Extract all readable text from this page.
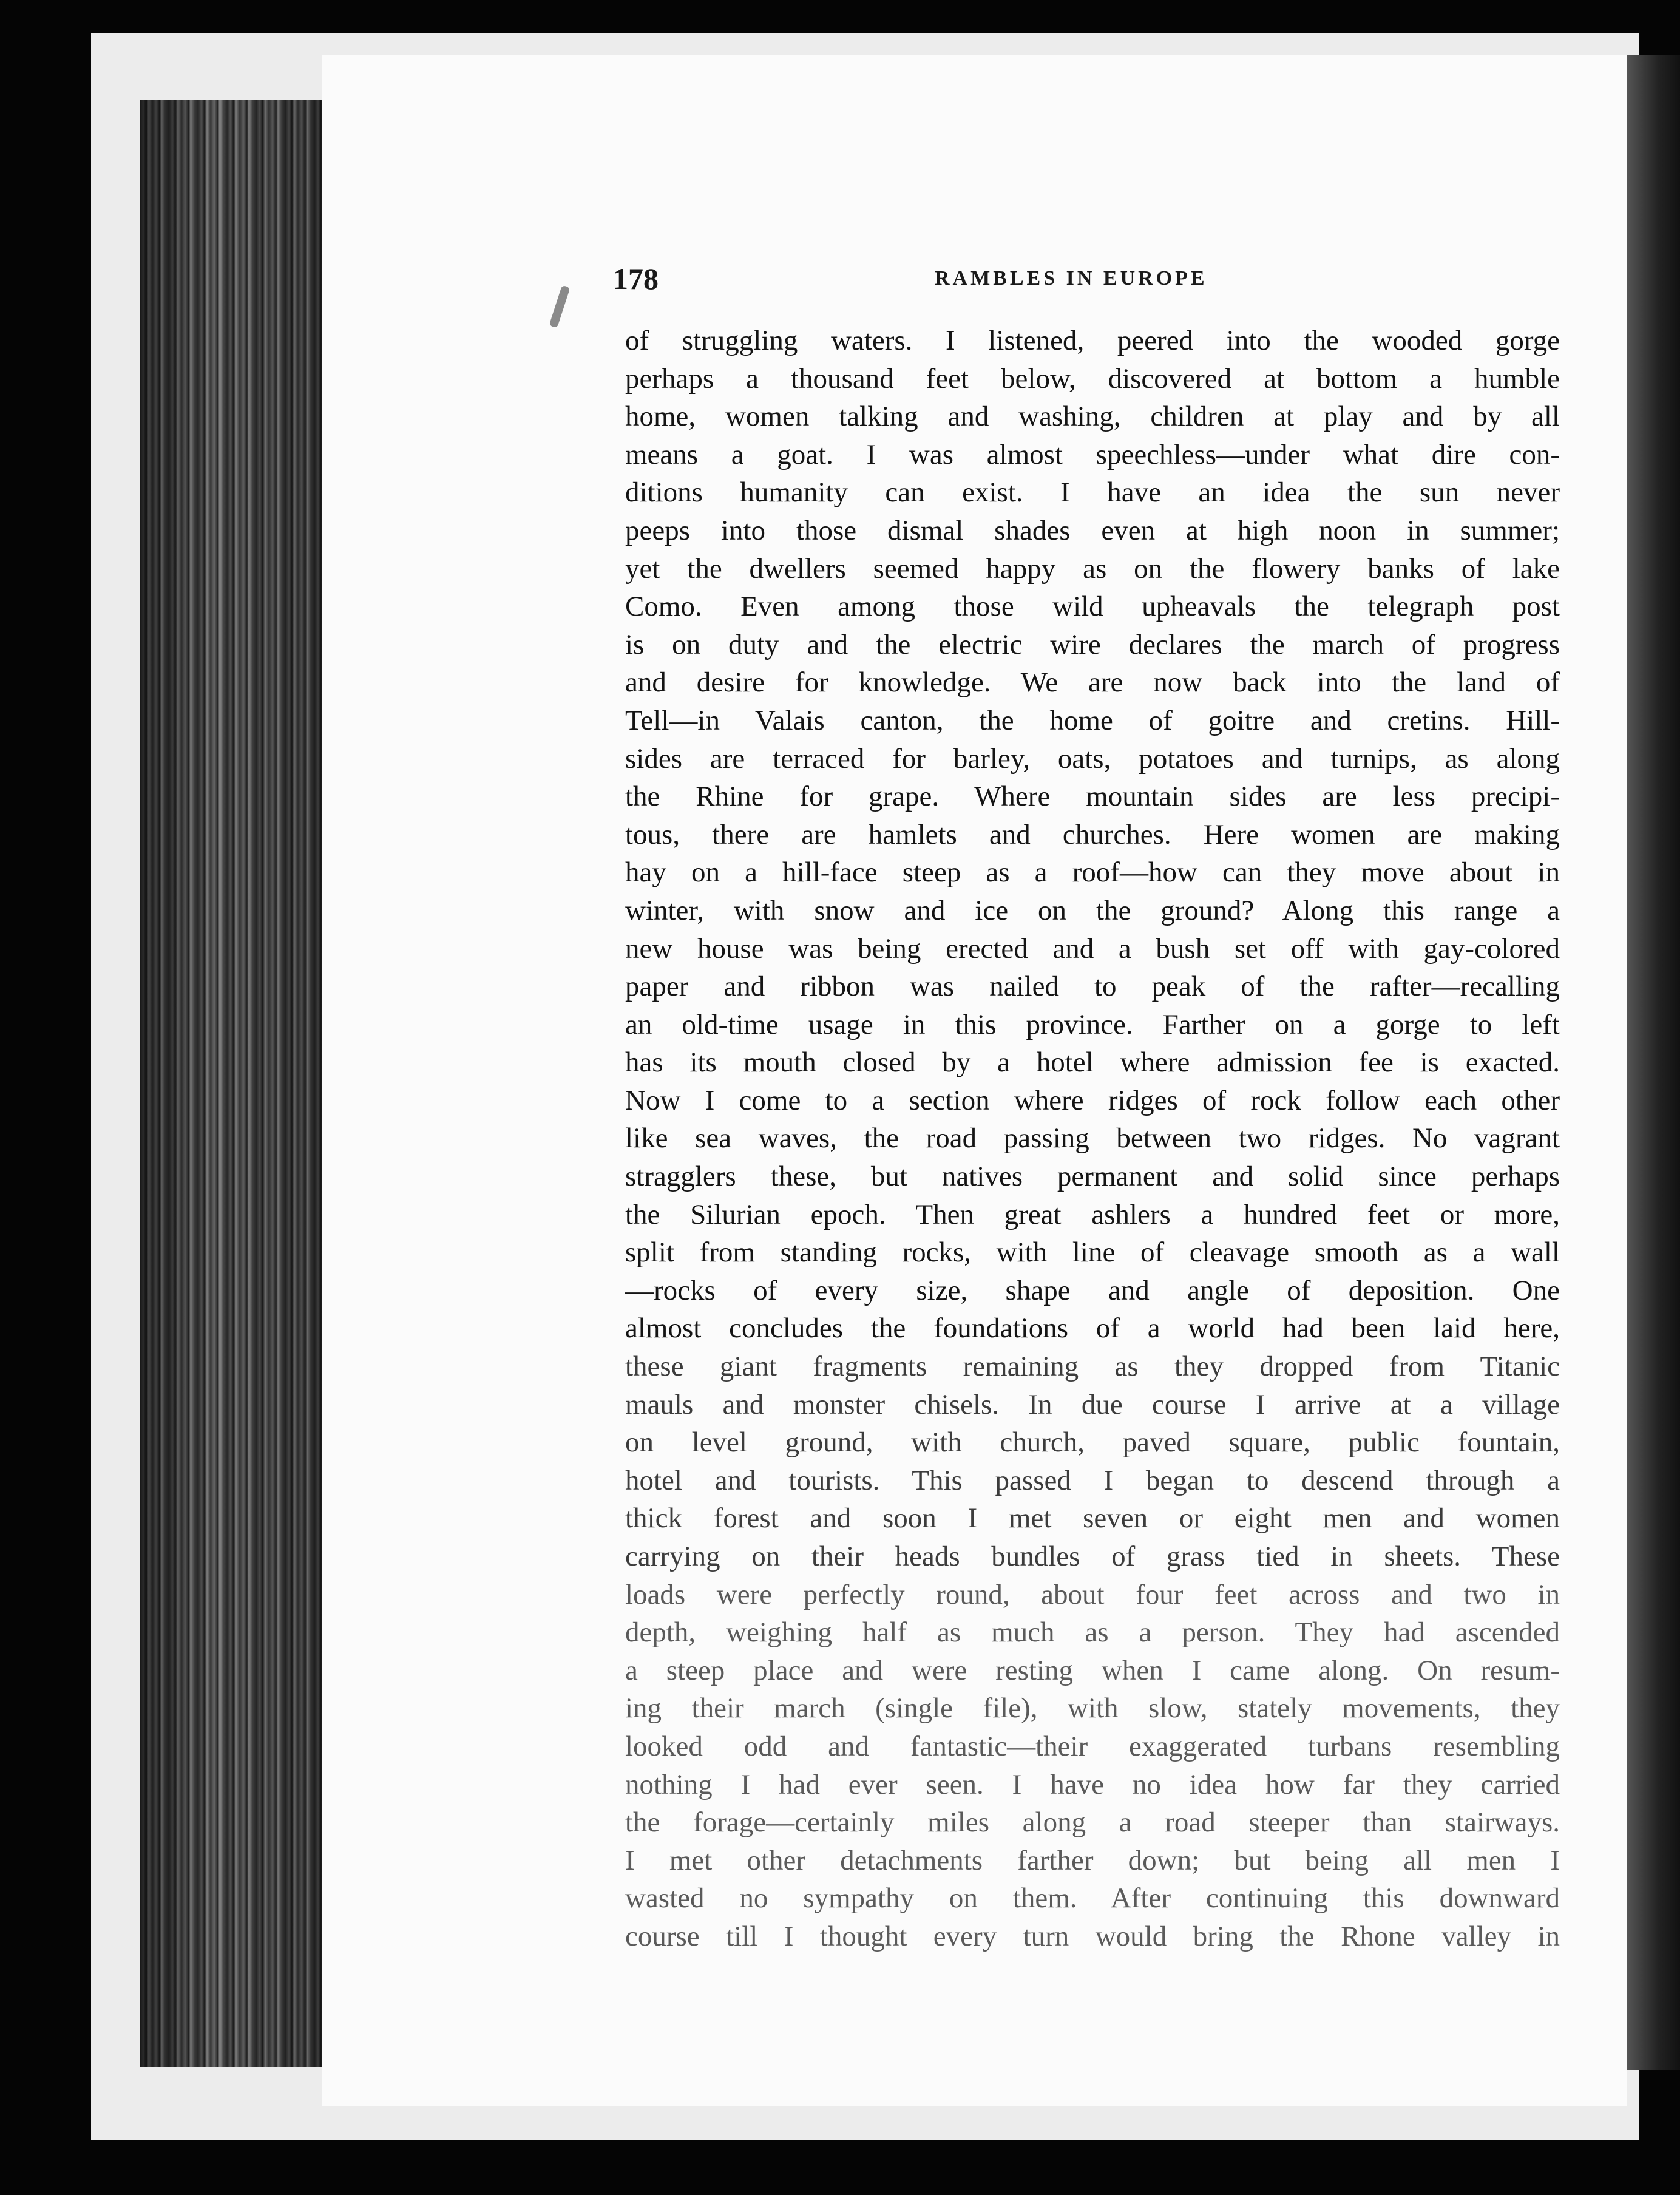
178	RAMBLES IN EUROPE
of struggling waters. I listened, peered into the wooded gorge
perhaps a thousand feet below, discovered at bottom a humble
home, women talking and washing, children at play and by all
means a goat. I was almost speechless—under what dire con-
ditions humanity can exist. I have an idea the sun never
peeps into those dismal shades even at high noon in summer;
yet the dwellers seemed happy as on the flowery banks of lake
Como. Even among those wild upheavals the telegraph post
is on duty and the electric wire declares the march of progress
and desire for knowledge. We are now back into the land of
Tell—in Valais canton, the home of goitre and cretins. Hill-
sides are terraced for barley, oats, potatoes and turnips, as along
the Rhine for grape. Where mountain sides are less precipi-
tous, there are hamlets and churches. Here women are making
hay on a hill-face steep as a roof—how can they move about in
winter, with snow and ice on the ground? Along this range a
new house was being erected and a bush set off with gay-colored
paper and ribbon was nailed to peak of the rafter—recalling
an old-time usage in this province. Farther on a gorge to left
has its mouth closed by a hotel where admission fee is exacted.
Now I come to a section where ridges of rock follow each other
like sea waves, the road passing between two ridges. No vagrant
stragglers these, but natives permanent and solid since perhaps
the Silurian epoch. Then great ashlers a hundred feet or more,
split from standing rocks, with line of cleavage smooth as a wall
—rocks of every size, shape and angle of deposition. One
almost concludes the foundations of a world had been laid here,
these giant fragments remaining as they dropped from Titanic
mauls and monster chisels. In due course I arrive at a village
on level ground, with church, paved square, public fountain,
hotel and tourists. This passed I began to descend through a
thick forest and soon I met seven or eight men and women
carrying on their heads bundles of grass tied in sheets. These
loads were perfectly round, about four feet across and two in
depth, weighing half as much as a person. They had ascended
a steep place and were resting when I came along. On resum-
ing their march (single file), with slow, stately movements, they
looked odd and fantastic—their exaggerated turbans resembling
nothing I had ever seen. I have no idea how far they carried
the forage—certainly miles along a road steeper than stairways.
I met other detachments farther down; but being all men I
wasted no sympathy on them. After continuing this downward
course till I thought every turn would bring the Rhone valley in
